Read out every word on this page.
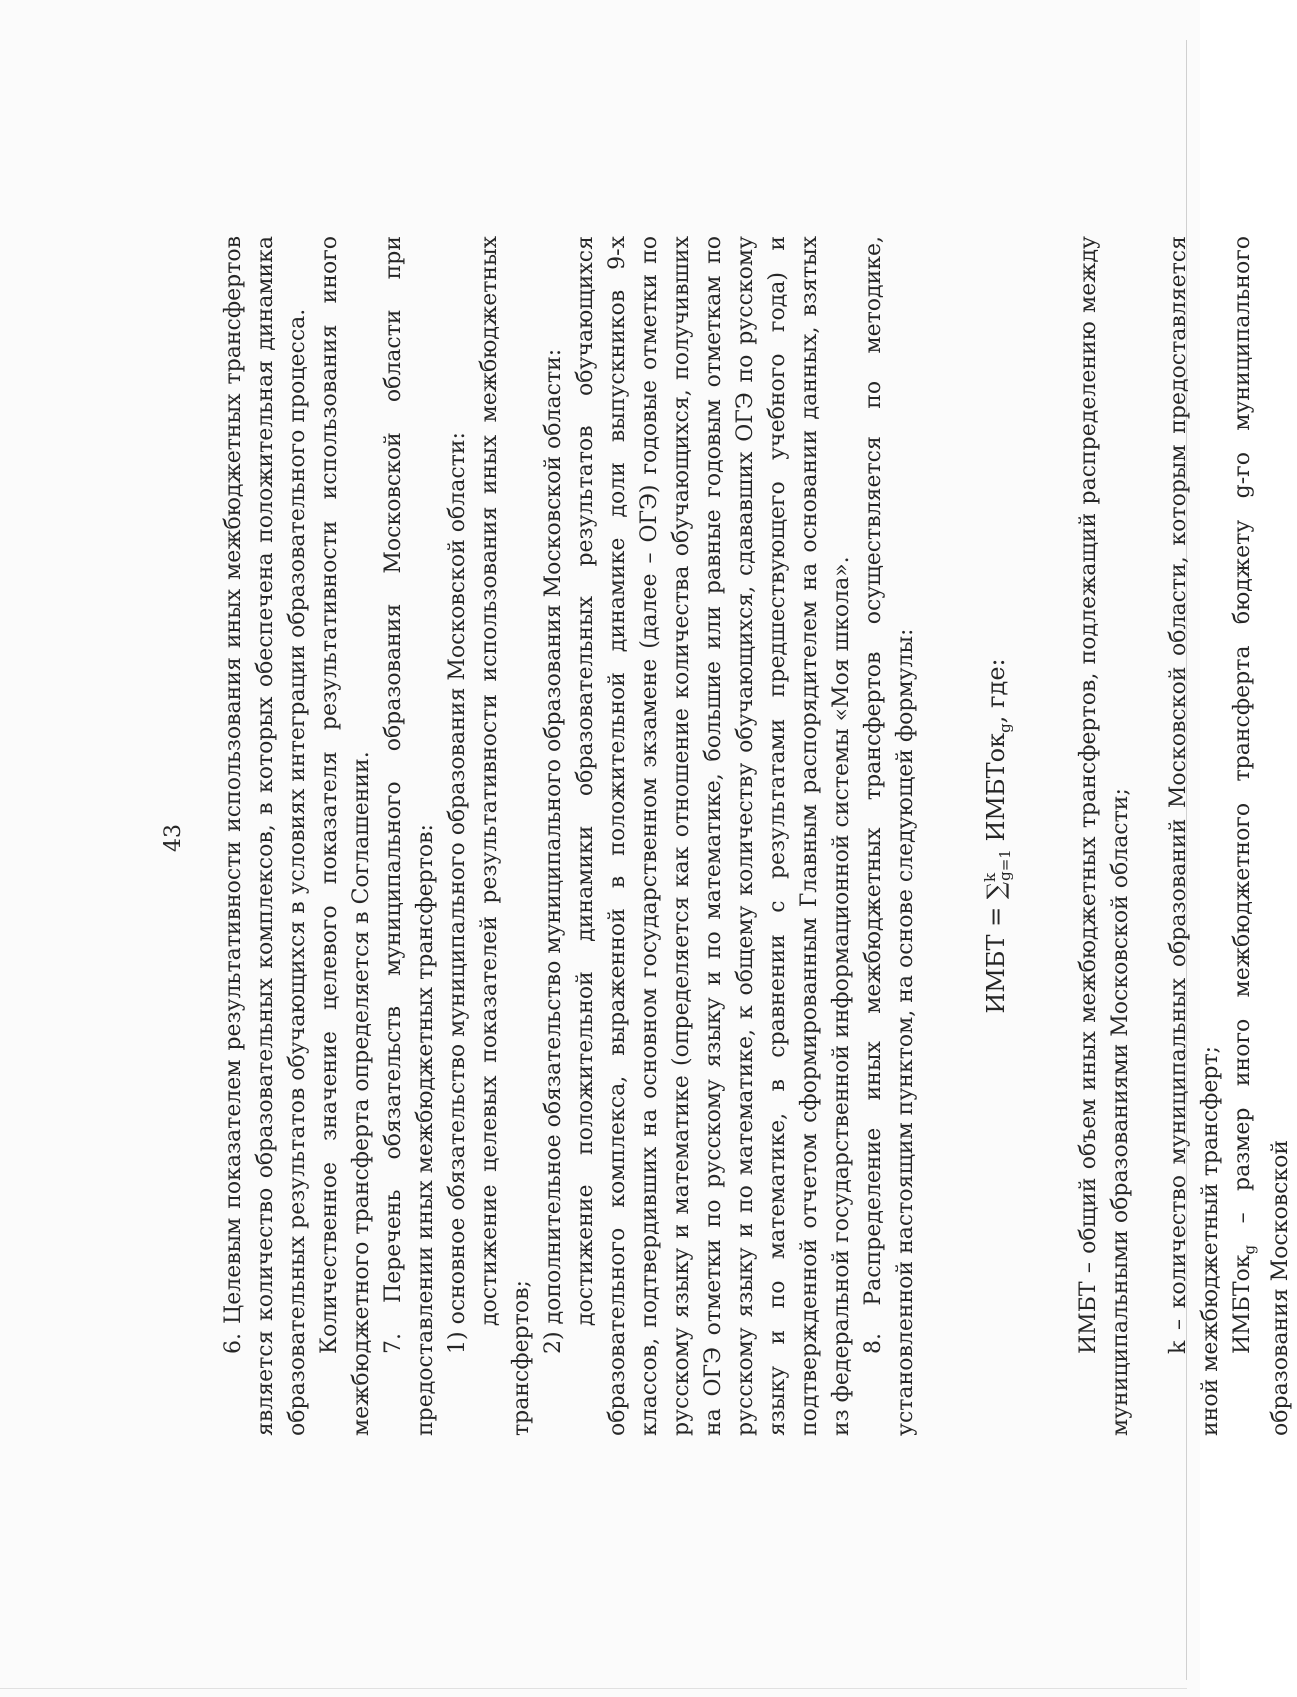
43 6. Целевым показателем результативности использования иных межбюджетных трансфертов является количество образовательных комплексов, в которых обеспечена положительная динамика образовательных результатов обучающихся в условиях интеграции образовательного процесса. Количественное значение целевого показателя результативности использования иного межбюджетного трансферта определяется в Соглашении. 7. Перечень обязательств муниципального образования Московской области при предоставлении иных межбюджетных трансфертов: 1) основное обязательство муниципального образования Московской области: достижение целевых показателей результативности использования иных межбюджетных трансфертов;

2) дополнительное обязательство муниципального образования Московской области: достижение положительной динамики образовательных результатов обучающихся образовательного комплекса, выраженной в положительной динамике доли выпускников 9-х классов, подтвердивших на основном государственном экзамене (далее – ОГЭ) годовые отметки по русскому языку и математике (определяется как отношение количества обучающихся, получивших на ОГЭ отметки по русскому языку и по математике, большие или равные годовым отметкам по русскому языку и по математике, к общему количеству обучающихся, сдававших ОГЭ по русскому языку и по математике, в сравнении с результатами предшествующего учебного года) и подтвержденной отчетом сформированным Главным распорядителем на основании данных, взятых из федеральной государственной информационной системы «Моя школа». 8. Распределение иных межбюджетных трансфертов осуществляется по методике, установленной настоящим пунктом, на основе следующей формулы:	ИМБТ = ∑$^k_{g=1}$ ИМБТок$_g$, где:

ИМБТ – общий объем иных межбюджетных трансфертов, подлежащий распределению между муниципальными образованиями Московской области; k – количество муниципальных образований Московской области, которым предоставляется иной межбюджетный трансферт; ИМБТок$_g$ – размер иного межбюджетного трансферта бюджету g-го муниципального образования Московской
